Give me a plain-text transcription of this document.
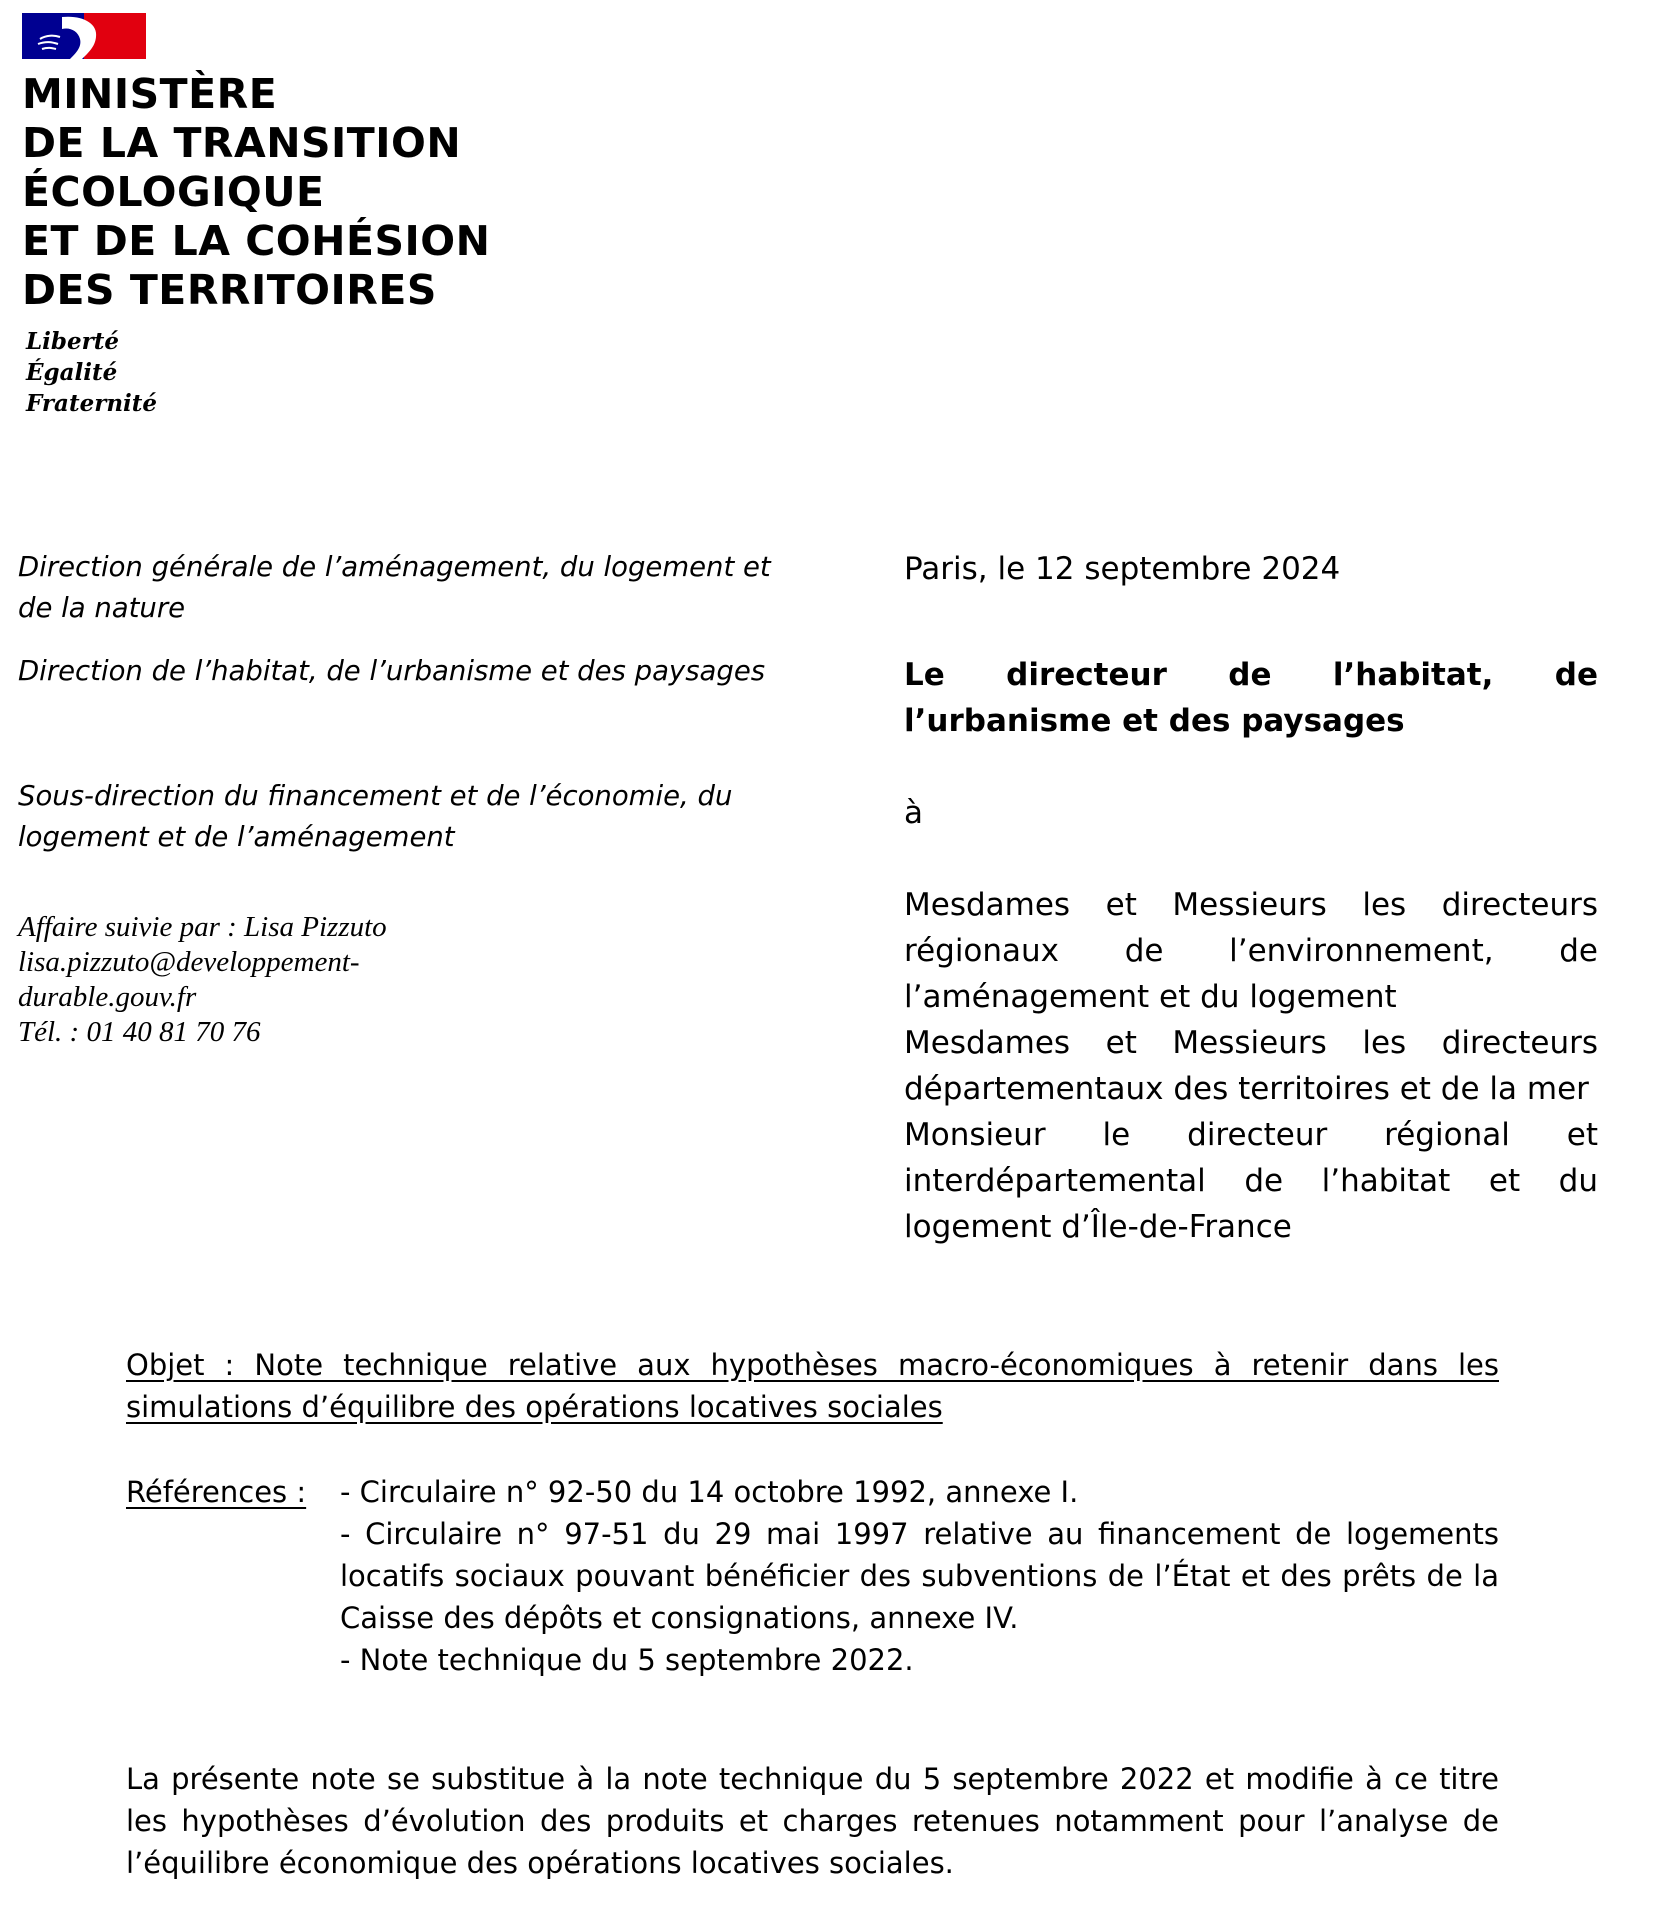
MINISTÈRE
DE LA TRANSITION
ÉCOLOGIQUE
ET DE LA COHÉSION
DES TERRITOIRES
Liberté
Égalité
Fraternité
Direction générale de l’aménagement, du logement et de la nature
Direction de l’habitat, de l’urbanisme et des paysages
Sous-direction du financement et de l’économie, du logement et de l’aménagement
Affaire suivie par : Lisa Pizzuto
lisa.pizzuto@developpement-
durable.gouv.fr
Tél. : 01 40 81 70 76
Paris, le 12 septembre 2024
Le directeur de l’habitat, de l’urbanisme et des paysages
à
Mesdames et Messieurs les directeurs régionaux de l’environnement, de l’aménagement et du logement
Mesdames et Messieurs les directeurs départementaux des territoires et de la mer
Monsieur le directeur régional et interdépartemental de l’habitat et du logement d’Île-de-France
Objet : Note technique relative aux hypothèses macro-économiques à retenir dans les simulations d’équilibre des opérations locatives sociales
Références :	- Circulaire n° 92-50 du 14 octobre 1992, annexe I.
- Circulaire n° 97-51 du 29 mai 1997 relative au financement de logements locatifs sociaux pouvant bénéficier des subventions de l’État et des prêts de la Caisse des dépôts et consignations, annexe IV.
- Note technique du 5 septembre 2022.
La présente note se substitue à la note technique du 5 septembre 2022 et modifie à ce titre les hypothèses d’évolution des produits et charges retenues notamment pour l’analyse de l’équilibre économique des opérations locatives sociales.
